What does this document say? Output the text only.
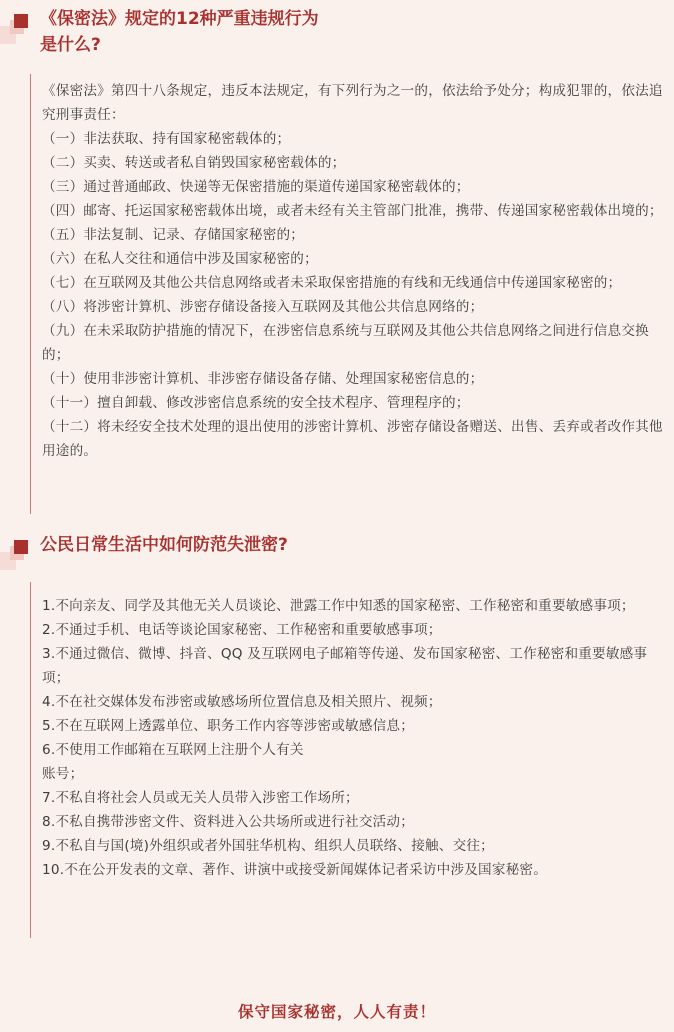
《保密法》规定的12种严重违规行为
是什么?

《保密法》第四十八条规定，违反本法规定，有下列行为之一的，依法给予处分；构成犯罪的，依法追究刑事责任：

（一）非法获取、持有国家秘密载体的；

（二）买卖、转送或者私自销毁国家秘密载体的；

（三）通过普通邮政、快递等无保密措施的渠道传递国家秘密载体的；

（四）邮寄、托运国家秘密载体出境，或者未经有关主管部门批准，携带、传递国家秘密载体出境的；

（五）非法复制、记录、存储国家秘密的；

（六）在私人交往和通信中涉及国家秘密的；

（七）在互联网及其他公共信息网络或者未采取保密措施的有线和无线通信中传递国家秘密的；

（八）将涉密计算机、涉密存储设备接入互联网及其他公共信息网络的；

（九）在未采取防护措施的情况下，在涉密信息系统与互联网及其他公共信息网络之间进行信息交换的；

（十）使用非涉密计算机、非涉密存储设备存储、处理国家秘密信息的；

（十一）擅自卸载、修改涉密信息系统的安全技术程序、管理程序的；

（十二）将未经安全技术处理的退出使用的涉密计算机、涉密存储设备赠送、出售、丢弃或者改作其他用途的。

公民日常生活中如何防范失泄密?

1.不向亲友、同学及其他无关人员谈论、泄露工作中知悉的国家秘密、工作秘密和重要敏感事项；

2.不通过手机、电话等谈论国家秘密、工作秘密和重要敏感事项；

3.不通过微信、微博、抖音、QQ 及互联网电子邮箱等传递、发布国家秘密、工作秘密和重要敏感事项；

4.不在社交媒体发布涉密或敏感场所位置信息及相关照片、视频；

5.不在互联网上透露单位、职务工作内容等涉密或敏感信息；

6.不使用工作邮箱在互联网上注册个人有关

账号；

7.不私自将社会人员或无关人员带入涉密工作场所；

8.不私自携带涉密文件、资料进入公共场所或进行社交活动；

9.不私自与国(境)外组织或者外国驻华机构、组织人员联络、接触、交往；

10.不在公开发表的文章、著作、讲演中或接受新闻媒体记者采访中涉及国家秘密。

保守国家秘密，人人有责！
